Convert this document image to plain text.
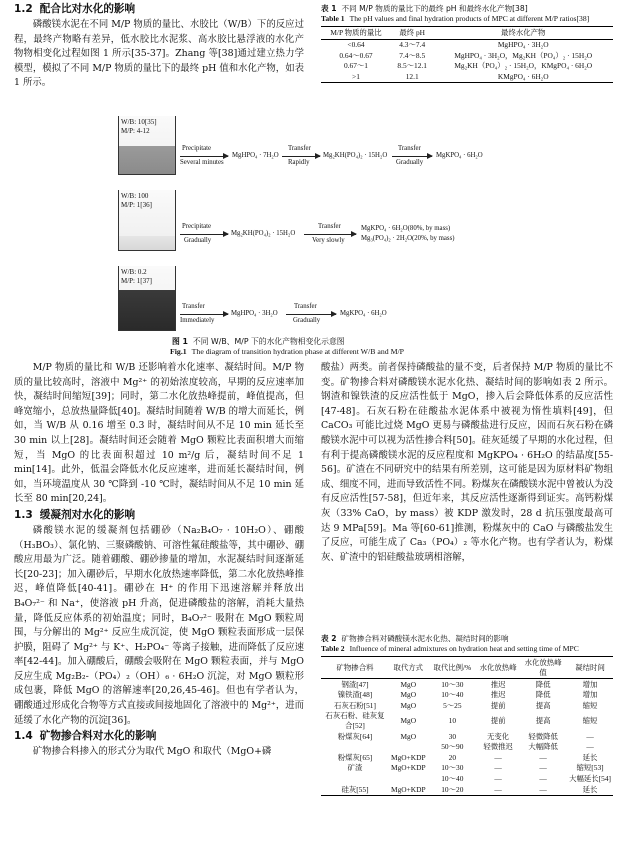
1.2 配合比对水化的影响

磷酸镁水泥在不同 M/P 物质的量比、水胶比（W/B）下的反应过程，最终产物略有差异，低水胶比水泥浆、高水胶比悬浮液的水化产物物相变化过程如图 1 所示[35-37]。Zhang 等[38]通过建立热力学模型，模拟了不同 M/P 物质的量比下的最终 pH 值和水化产物，如表 1 所示。

表 1 不同 M/P 物质的量比下的最终 pH 和最终水化产物[38]
Table 1 The pH values and final hydration products of MPC at different M/P ratios[38]
M/P 物质的量比	最终 pH	最终水化产物
<0.64	4.3～7.4	MgHPO₄ · 3H₂O
0.64～0.67	7.4～8.5	MgHPO₄ · 3H₂O，Mg₂KH（PO₄）₂ · 15H₂O
0.67～1	8.5～12.1	Mg₂KH（PO₄）₂ · 15H₂O，KMgPO₄ · 6H₂O
>1	12.1	KMgPO₄ · 6H₂O
W/B: 10[35]
M/P: 4-12
Precipitate
Several minutes
MgHPO₄ · 7H₂O
Transfer
Rapidly
Mg₂KH(PO₄)₂ · 15H₂O
Transfer
Gradually
MgKPO₄ · 6H₂O
W/B: 100
M/P: 1[36]
Precipitate
Gradually
Mg₂KH(PO₄)₂ · 15H₂O
Transfer
Very slowly
MgKPO₄ · 6H₂O(80%, by mass)
Mg₃(PO₄)₂ · 2H₂O(20%, by mass)
W/B: 0.2
M/P: 1[37]
Transfer
Immediately
MgHPO₄ · 3H₂O
Transfer
Gradually
MgKPO₄ · 6H₂O
图 1 不同 W/B、M/P 下的水化产物相变化示意图
Fig.1 The diagram of transition hydration phase at different W/B and M/P

M/P 物质的量比和 W/B 还影响着水化速率、凝结时间。M/P 物质的量比较高时，溶液中 Mg²⁺ 的初始浓度较高，早期的反应速率加快，凝结时间缩短[39]；同时，第二水化放热峰提前，峰值提高，但峰宽缩小，总放热量降低[40]。凝结时间随着 W/B 的增大而延长，例如，当 W/B 从 0.16 增至 0.3 时，凝结时间从不足 10 min 延长至 30 min 以上[28]。凝结时间还会随着 MgO 颗粒比表面积增大而缩短，当 MgO 的比表面积超过 10 m²/g 后，凝结时间不足 1 min[14]。此外，低温会降低水化反应速率，进而延长凝结时间，例如，当环境温度从 30 ℃降到 -10 ℃时，凝结时间从不足 10 min 延长至 80 min[20,24]。

1.3 缓凝剂对水化的影响

磷酸镁水泥的缓凝剂包括硼砂（Na₂B₄O₇ · 10H₂O）、硼酸（H₃BO₃）、氯化钠、三聚磷酸钠、可溶性氟硅酸盐等，其中硼砂、硼酸应用最为广泛。随着硼酸、硼砂掺量的增加，水泥凝结时间逐渐延长[20-23]；加入硼砂后，早期水化放热速率降低，第二水化放热峰推迟，峰值降低[40-41]。硼砂在 H⁺ 的作用下迅速溶解并释放出 B₄O₇²⁻ 和 Na⁺，使溶液 pH 升高，促进磷酸盐的溶解，消耗大量热量，降低反应体系的初始温度；同时，B₄O₇²⁻ 吸附在 MgO 颗粒周围，与分解出的 Mg²⁺ 反应生成沉淀，使 MgO 颗粒表面形成一层保护膜，阻碍了 Mg²⁺ 与 K⁺、H₂PO₄⁻ 等离子接触，进而降低了反应速率[42-44]。加入硼酸后，硼酸会吸附在 MgO 颗粒表面，并与 MgO 反应生成 Mg₂B₂-（PO₄）₂（OH）₆ · 6H₂O 沉淀，对 MgO 颗粒形成包裹，降低 MgO 的溶解速率[20,26,45-46]。但也有学者认为，硼酸通过形成化合物等方式直接或间接地固化了溶液中的 Mg²⁺，进而延缓了水化产物的沉淀[36]。

1.4 矿物掺合料对水化的影响

矿物掺合料掺入的形式分为取代 MgO 和取代（MgO+磷

酸盐）两类。前者保持磷酸盐的量不变，后者保持 M/P 物质的量比不变。矿物掺合料对磷酸镁水泥水化热、凝结时间的影响如表 2 所示。钢渣和镍铁渣的反应活性低于 MgO，掺入后会降低体系的反应活性[47-48]。石灰石粉在硅酸盐水泥体系中被视为惰性填料[49]，但 CaCO₃ 可能比过烧 MgO 更易与磷酸盐进行反应，因而石灰石粉在磷酸镁水泥中可以视为活性掺合料[50]。硅灰延缓了早期的水化过程，但有利于提高磷酸镁水泥的反应程度和 MgKPO₄ · 6H₂O 的结晶度[55-56]。矿渣在不同研究中的结果有所差别，这可能是因为原材料矿物组成、细度不同，进而导致活性不同。粉煤灰在磷酸镁水泥中曾被认为没有反应活性[57-58]，但近年来，其反应活性逐渐得到证实。高钙粉煤灰（33% CaO，by mass）被 KDP 激发时，28 d 抗压强度最高可达 9 MPa[59]。Ma 等[60-61]推测，粉煤灰中的 CaO 与磷酸盐发生了反应，可能生成了 Ca₃（PO₄）₂ 等水化产物。也有学者认为，粉煤灰、矿渣中的铝硅酸盐玻璃相溶解，

表 2 矿物掺合料对磷酸镁水泥水化热、凝结时间的影响
Table 2 Influence of mineral admixtures on hydration heat and setting time of MPC
矿物掺合料	取代方式	取代比例/%	水化放热峰	水化放热峰值	凝结时间
钢渣[47]	MgO	10～30	推迟	降低	增加
镍铁渣[48]	MgO	10～40	推迟	降低	增加
石灰石粉[51]	MgO	5～25	提前	提高	缩短
石灰石粉、硅灰复合[52]	MgO	10	提前	提高	缩短
粉煤灰[64]	MgO	30	无变化	轻微降低	—
		50～90	轻微推迟	大幅降低	—
粉煤灰[65]	MgO+KDP	20	—	—	延长
矿渣	MgO+KDP	10～30	—	—	缩短[53]
		10～40	—	—	大幅延长[54]
硅灰[55]	MgO+KDP	10～20	—	—	延长
